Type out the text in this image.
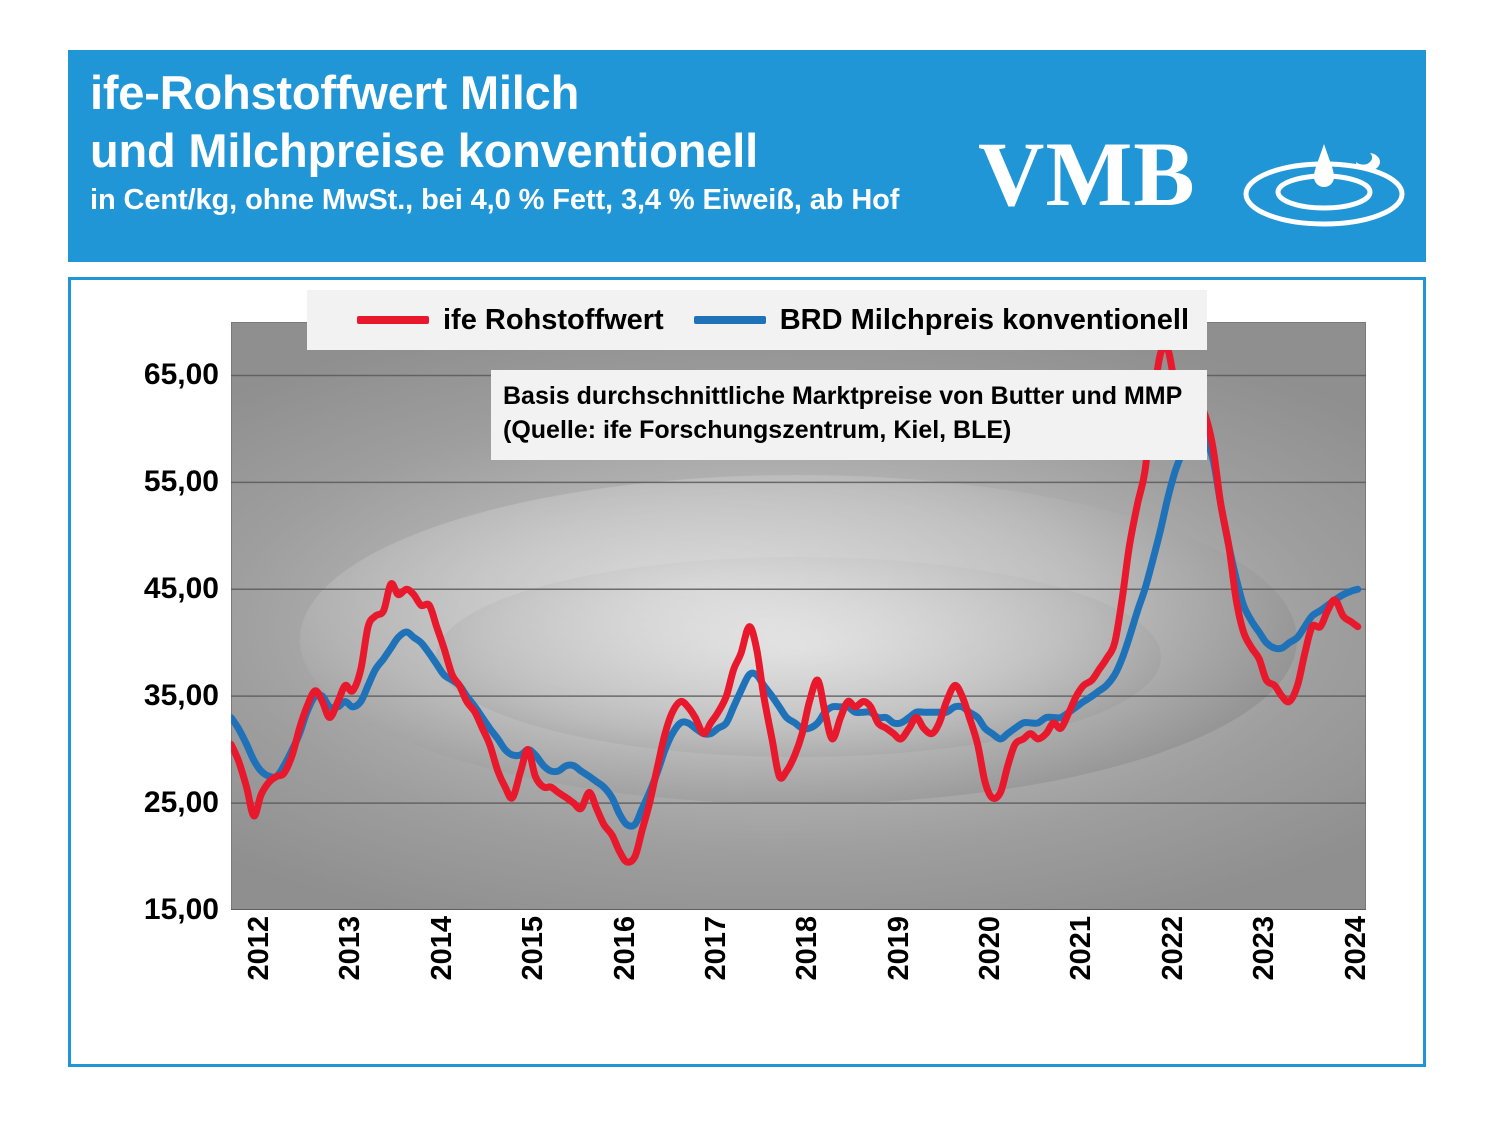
ife-Rohstoffwert Milch
und Milchpreise konventionell
in Cent/kg, ohne MwSt., bei 4,0 % Fett, 3,4 % Eiweiß, ab Hof VMB
15,00
25,00
35,00
45,00
55,00
65,00
2012 2013 2014 2015 2016 2017 2018 2019 2020 2021 2022 2023 2024
ife Rohstoffwert	BRD Milchpreis konventionell
Basis durchschnittliche Marktpreise von Butter und MMP
(Quelle: ife Forschungszentrum, Kiel, BLE)
